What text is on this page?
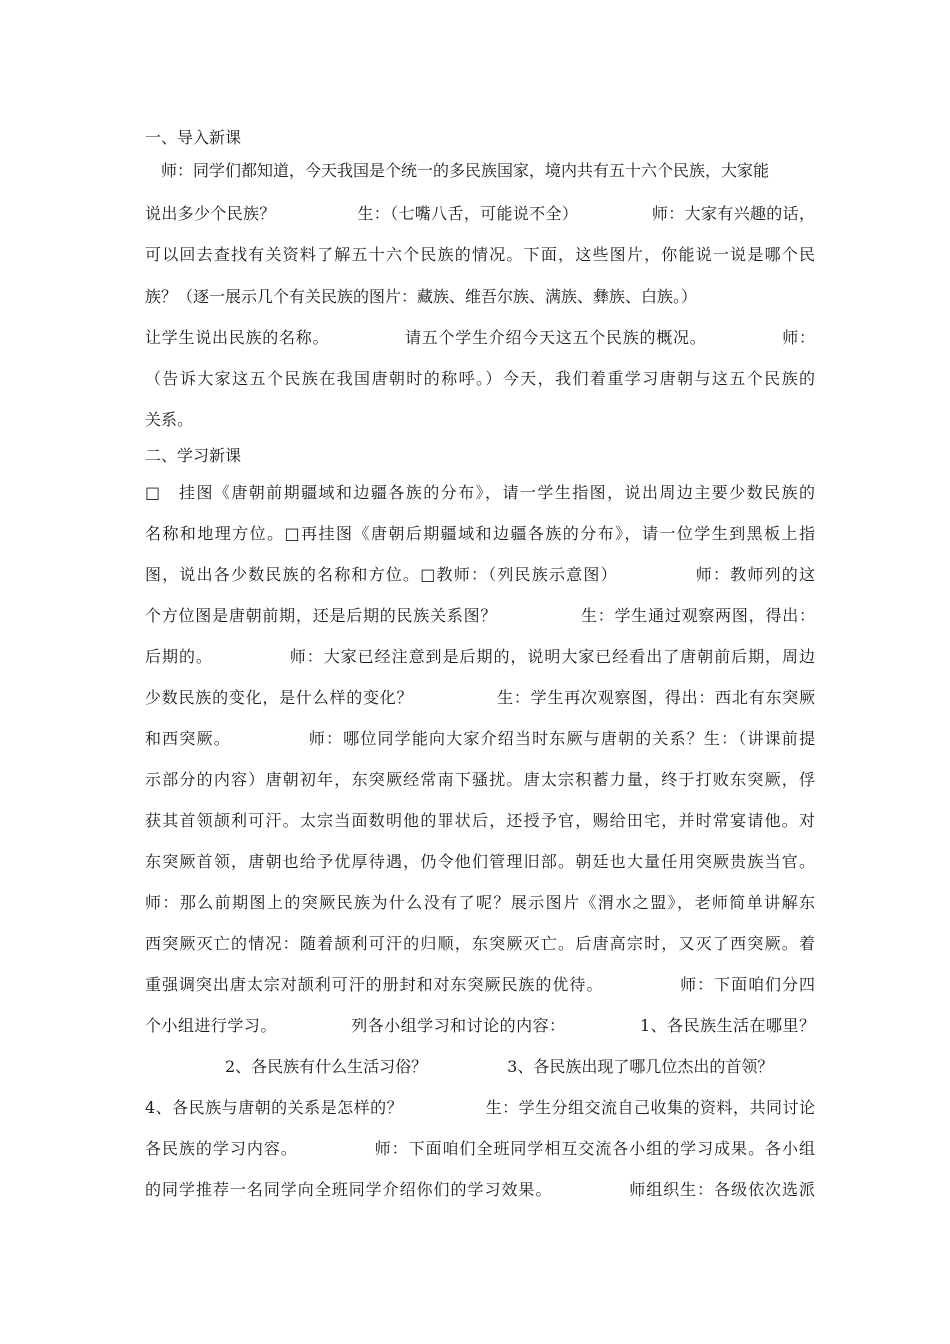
一、导入新课
　师：同学们都知道，今天我国是个统一的多民族国家，境内共有五十六个民族，大家能
说出多少个民族？　　　　　生：（七嘴八舌，可能说不全）　　　　　师：大家有兴趣的话，
可以回去查找有关资料了解五十六个民族的情况。下面，这些图片，你能说一说是哪个民
族？（逐一展示几个有关民族的图片：藏族、维吾尔族、满族、彝族、白族。）
让学生说出民族的名称。　　　　　请五个学生介绍今天这五个民族的概况。　　　　　师：
（告诉大家这五个民族在我国唐朝时的称呼。）今天，我们着重学习唐朝与这五个民族的
关系。
二、学习新课
□　挂图《唐朝前期疆域和边疆各族的分布》，请一学生指图，说出周边主要少数民族的
名称和地理方位。□再挂图《唐朝后期疆域和边疆各族的分布》，请一位学生到黑板上指
图，说出各少数民族的名称和方位。□教师：（列民族示意图）　　　　　师：教师列的这
个方位图是唐朝前期，还是后期的民族关系图？　　　　　生：学生通过观察两图，得出：
后期的。　　　　　师：大家已经注意到是后期的，说明大家已经看出了唐朝前后期，周边
少数民族的变化，是什么样的变化？　　　　　生：学生再次观察图，得出：西北有东突厥
和西突厥。　　　　　师：哪位同学能向大家介绍当时东厥与唐朝的关系？生：（讲课前提
示部分的内容）唐朝初年，东突厥经常南下骚扰。唐太宗积蓄力量，终于打败东突厥，俘
获其首领颉利可汗。太宗当面数明他的罪状后，还授予官，赐给田宅，并时常宴请他。对
东突厥首领，唐朝也给予优厚待遇，仍令他们管理旧部。朝廷也大量任用突厥贵族当官。
师：那么前期图上的突厥民族为什么没有了呢？展示图片《渭水之盟》，老师简单讲解东
西突厥灭亡的情况：随着颉利可汗的归顺，东突厥灭亡。后唐高宗时，又灭了西突厥。着
重强调突出唐太宗对颉利可汗的册封和对东突厥民族的优待。　　　　　师：下面咱们分四
个小组进行学习。　　　　　列各小组学习和讨论的内容：　　　　　1、各民族生活在哪里？
　　　　　2、各民族有什么生活习俗？　　　　　3、各民族出现了哪几位杰出的首领？
4、各民族与唐朝的关系是怎样的？　　　　　生：学生分组交流自己收集的资料，共同讨论
各民族的学习内容。　　　　　师：下面咱们全班同学相互交流各小组的学习成果。各小组
的同学推荐一名同学向全班同学介绍你们的学习效果。　　　　　师组织生：各级依次选派
